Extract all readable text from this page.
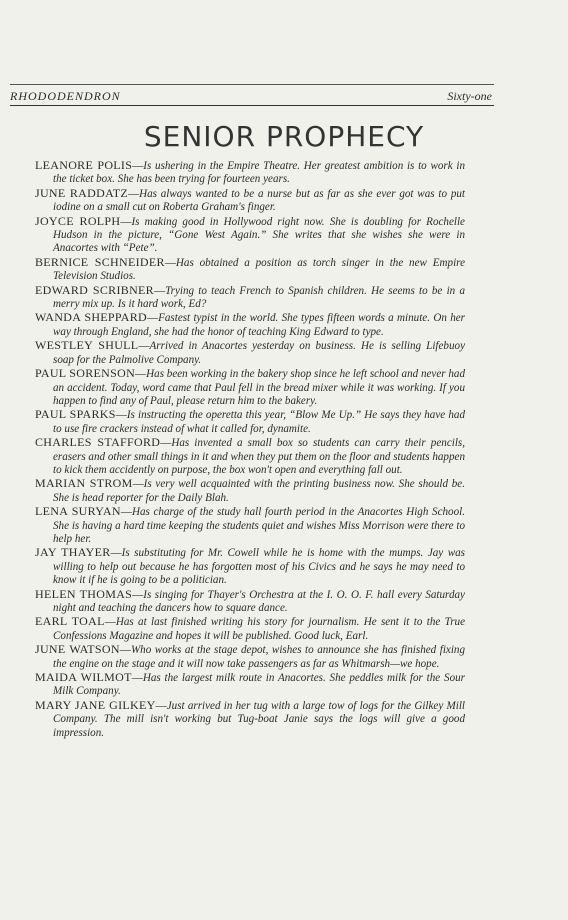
RHODODENDRON	Sixty-one
SENIOR PROPHECY

LEANORE POLIS—Is ushering in the Empire Theatre. Her greatest ambition is to work in the ticket box. She has been trying for fourteen years.

JUNE RADDATZ—Has always wanted to be a nurse but as far as she ever got was to put iodine on a small cut on Roberta Graham's finger.

JOYCE ROLPH—Is making good in Hollywood right now. She is doubling for Rochelle Hudson in the picture, “Gone West Again.” She writes that she wishes she were in Anacortes with “Pete”.

BERNICE SCHNEIDER—Has obtained a position as torch singer in the new Empire Television Studios.

EDWARD SCRIBNER—Trying to teach French to Spanish children. He seems to be in a merry mix up. Is it hard work, Ed?

WANDA SHEPPARD—Fastest typist in the world. She types fifteen words a minute. On her way through England, she had the honor of teaching King Edward to type.

WESTLEY SHULL—Arrived in Anacortes yesterday on business. He is selling Lifebuoy soap for the Palmolive Company.

PAUL SORENSON—Has been working in the bakery shop since he left school and never had an accident. Today, word came that Paul fell in the bread mixer while it was working. If you happen to find any of Paul, please return him to the bakery.

PAUL SPARKS—Is instructing the operetta this year, “Blow Me Up.” He says they have had to use fire crackers instead of what it called for, dynamite.

CHARLES STAFFORD—Has invented a small box so students can carry their pencils, erasers and other small things in it and when they put them on the floor and students happen to kick them accidently on purpose, the box won't open and everything fall out.

MARIAN STROM—Is very well acquainted with the printing business now. She should be. She is head reporter for the Daily Blah.

LENA SURYAN—Has charge of the study hall fourth period in the Anacortes High School. She is having a hard time keeping the students quiet and wishes Miss Morrison were there to help her.

JAY THAYER—Is substituting for Mr. Cowell while he is home with the mumps. Jay was willing to help out because he has forgotten most of his Civics and he says he may need to know it if he is going to be a politician.

HELEN THOMAS—Is singing for Thayer's Orchestra at the I. O. O. F. hall every Saturday night and teaching the dancers how to square dance.

EARL TOAL—Has at last finished writing his story for journalism. He sent it to the True Confessions Magazine and hopes it will be published. Good luck, Earl.

JUNE WATSON—Who works at the stage depot, wishes to announce she has finished fixing the engine on the stage and it will now take passengers as far as Whitmarsh—we hope.

MAIDA WILMOT—Has the largest milk route in Anacortes. She peddles milk for the Sour Milk Company.

MARY JANE GILKEY—Just arrived in her tug with a large tow of logs for the Gilkey Mill Company. The mill isn't working but Tug-boat Janie says the logs will give a good impression.
